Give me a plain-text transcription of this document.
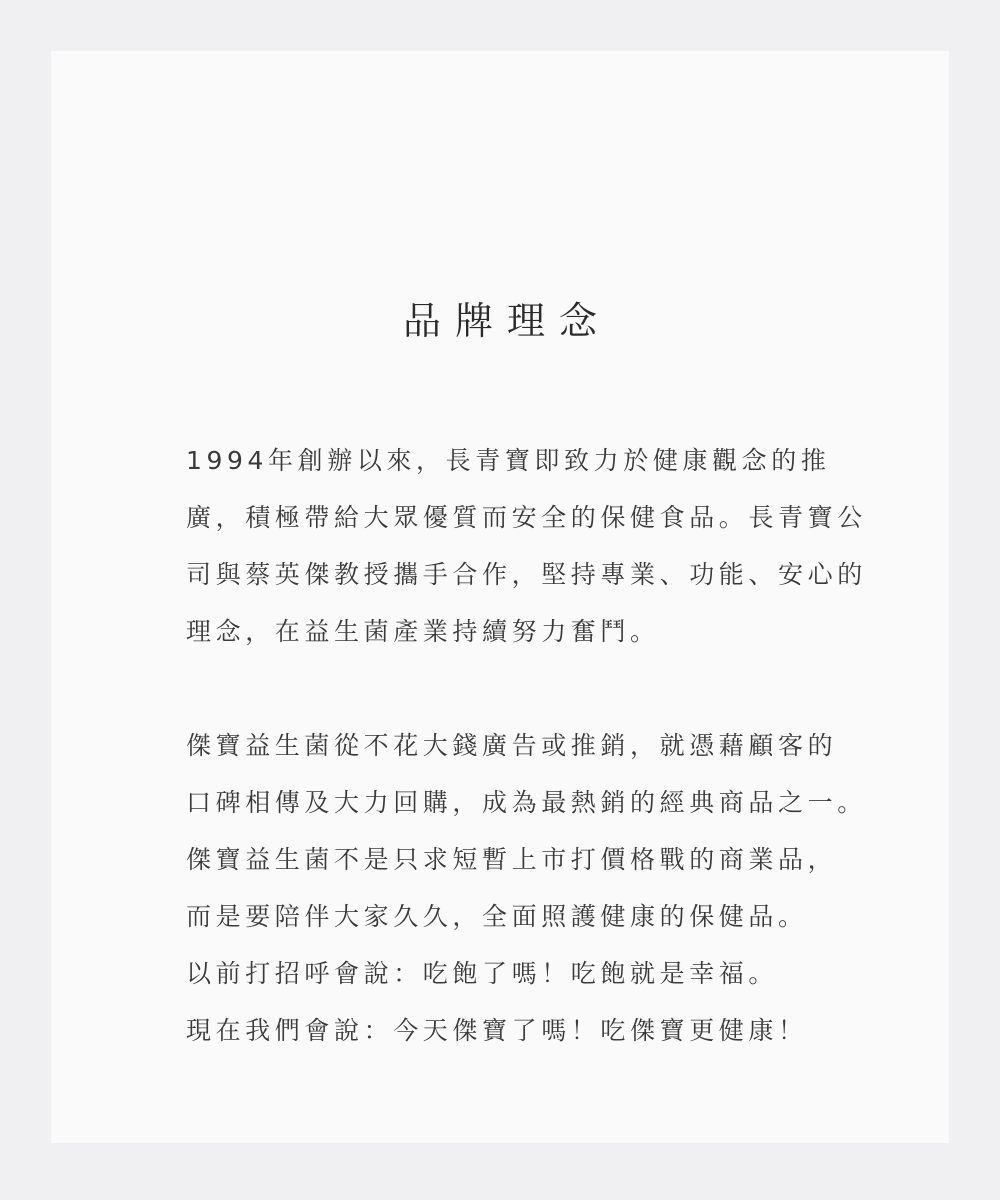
品牌理念
1994年創辦以來，長青寶即致力於健康觀念的推
廣，積極帶給大眾優質而安全的保健食品。長青寶公
司與蔡英傑教授攜手合作，堅持專業、功能、安心的
理念，在益生菌產業持續努力奮鬥。
傑寶益生菌從不花大錢廣告或推銷，就憑藉顧客的
口碑相傳及大力回購，成為最熱銷的經典商品之一。
傑寶益生菌不是只求短暫上市打價格戰的商業品，
而是要陪伴大家久久，全面照護健康的保健品。
以前打招呼會說：吃飽了嗎！吃飽就是幸福。
現在我們會說：今天傑寶了嗎！吃傑寶更健康！
